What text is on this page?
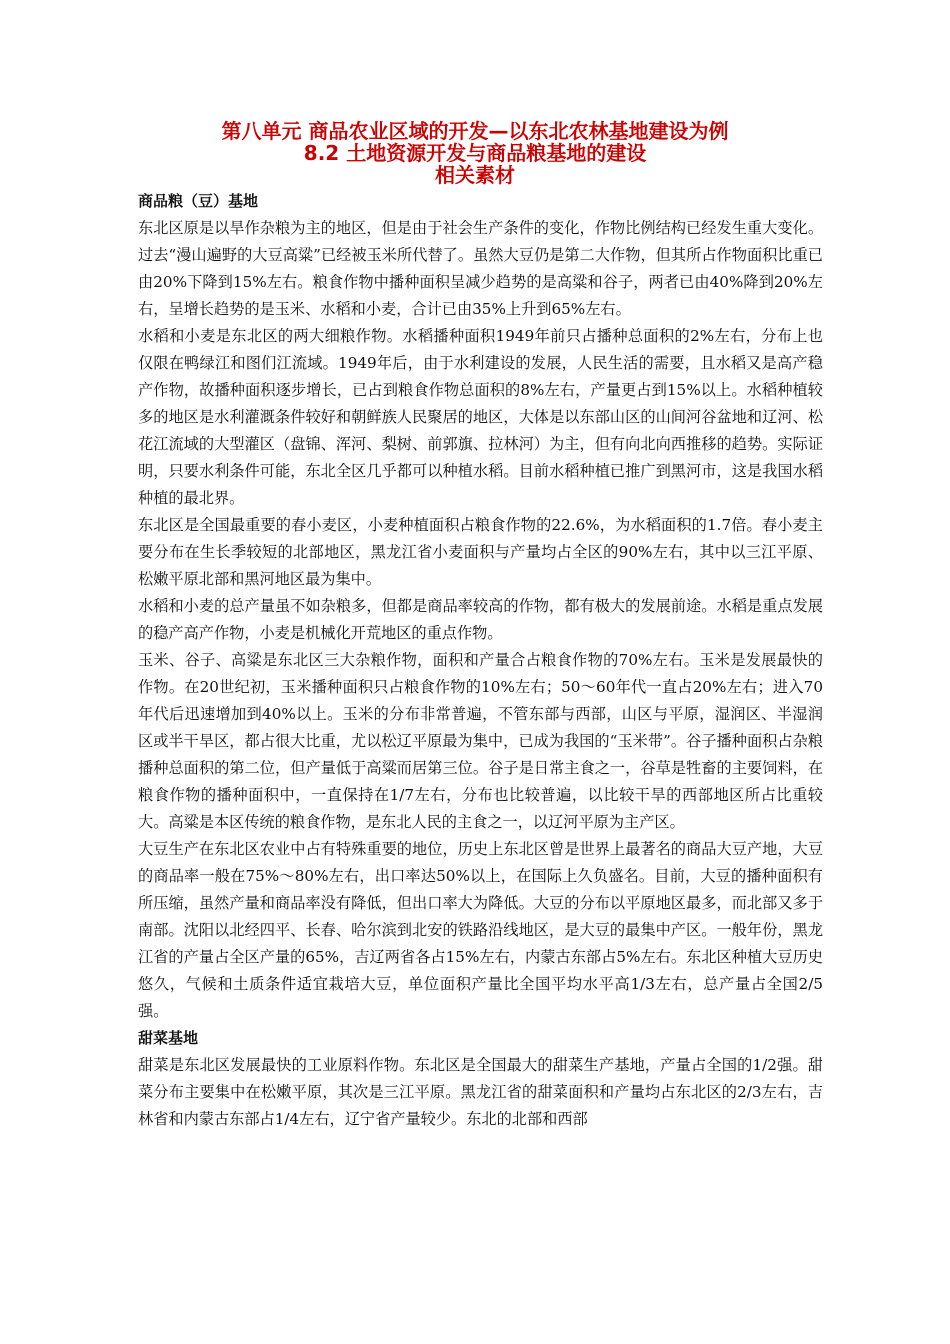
第八单元 商品农业区域的开发—以东北农林基地建设为例

8.2 土地资源开发与商品粮基地的建设

相关素材

商品粮（豆）基地

东北区原是以旱作杂粮为主的地区，但是由于社会生产条件的变化，作物比例结构已经发生重大变化。过去“漫山遍野的大豆高粱”已经被玉米所代替了。虽然大豆仍是第二大作物，但其所占作物面积比重已由20%下降到15%左右。粮食作物中播种面积呈减少趋势的是高粱和谷子，两者已由40%降到20%左右，呈增长趋势的是玉米、水稻和小麦，合计已由35%上升到65%左右。

水稻和小麦是东北区的两大细粮作物。水稻播种面积1949年前只占播种总面积的2%左右，分布上也仅限在鸭绿江和图们江流域。1949年后，由于水利建设的发展，人民生活的需要，且水稻又是高产稳产作物，故播种面积逐步增长，已占到粮食作物总面积的8%左右，产量更占到15%以上。水稻种植较多的地区是水利灌溉条件较好和朝鲜族人民聚居的地区，大体是以东部山区的山间河谷盆地和辽河、松花江流域的大型灌区（盘锦、浑河、梨树、前郭旗、拉林河）为主，但有向北向西推移的趋势。实际证明，只要水利条件可能，东北全区几乎都可以种植水稻。目前水稻种植已推广到黑河市，这是我国水稻种植的最北界。

东北区是全国最重要的春小麦区，小麦种植面积占粮食作物的22.6%，为水稻面积的1.7倍。春小麦主要分布在生长季较短的北部地区，黑龙江省小麦面积与产量均占全区的90%左右，其中以三江平原、松嫩平原北部和黑河地区最为集中。

水稻和小麦的总产量虽不如杂粮多，但都是商品率较高的作物，都有极大的发展前途。水稻是重点发展的稳产高产作物，小麦是机械化开荒地区的重点作物。

玉米、谷子、高粱是东北区三大杂粮作物，面积和产量合占粮食作物的70%左右。玉米是发展最快的作物。在20世纪初，玉米播种面积只占粮食作物的10%左右；50～60年代一直占20%左右；进入70年代后迅速增加到40%以上。玉米的分布非常普遍，不管东部与西部，山区与平原，湿润区、半湿润区或半干旱区，都占很大比重，尤以松辽平原最为集中，已成为我国的“玉米带”。谷子播种面积占杂粮播种总面积的第二位，但产量低于高粱而居第三位。谷子是日常主食之一，谷草是牲畜的主要饲料，在粮食作物的播种面积中，一直保持在1/7左右，分布也比较普遍，以比较干旱的西部地区所占比重较大。高粱是本区传统的粮食作物，是东北人民的主食之一，以辽河平原为主产区。

大豆生产在东北区农业中占有特殊重要的地位，历史上东北区曾是世界上最著名的商品大豆产地，大豆的商品率一般在75%～80%左右，出口率达50%以上，在国际上久负盛名。目前，大豆的播种面积有所压缩，虽然产量和商品率没有降低，但出口率大为降低。大豆的分布以平原地区最多，而北部又多于南部。沈阳以北经四平、长春、哈尔滨到北安的铁路沿线地区，是大豆的最集中产区。一般年份，黑龙江省的产量占全区产量的65%，吉辽两省各占15%左右，内蒙古东部占5%左右。东北区种植大豆历史悠久，气候和土质条件适宜栽培大豆，单位面积产量比全国平均水平高1/3左右，总产量占全国2/5强。

甜菜基地

甜菜是东北区发展最快的工业原料作物。东北区是全国最大的甜菜生产基地，产量占全国的1/2强。甜菜分布主要集中在松嫩平原，其次是三江平原。黑龙江省的甜菜面积和产量均占东北区的2/3左右，吉林省和内蒙古东部占1/4左右，辽宁省产量较少。东北的北部和西部
